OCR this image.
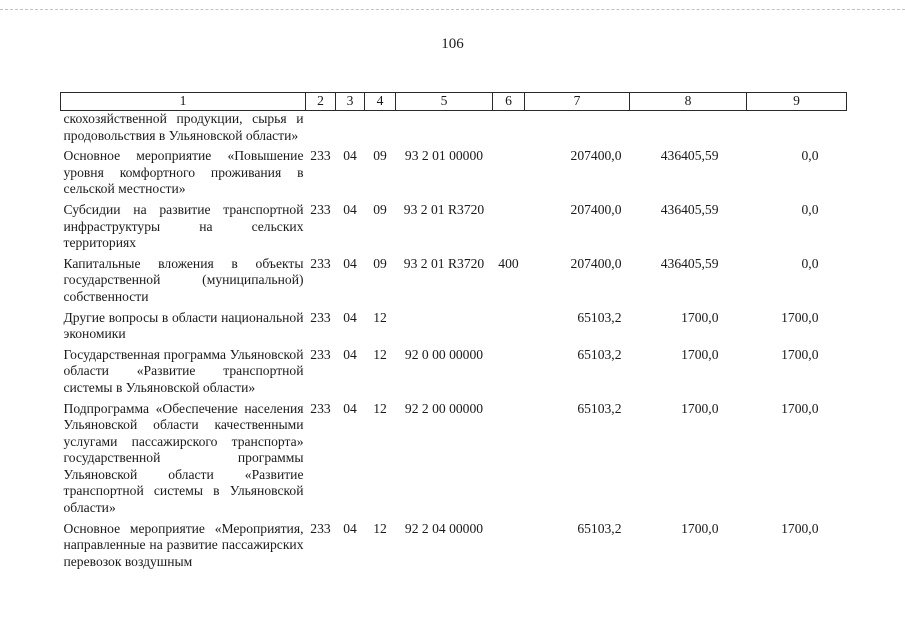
106
1	2	3	4	5	6	7	8	9
скохозяйственной продукции, сырья и продовольствия в Ульяновской области»								
Основное мероприятие «Повышение уровня комфортного проживания в сельской местности»	233	04	09	93 2 01 00000		207400,0	436405,59	0,0
Субсидии на развитие транспортной инфраструктуры на сельских территориях	233	04	09	93 2 01 R3720		207400,0	436405,59	0,0
Капитальные вложения в объекты государственной (муниципальной) собственности	233	04	09	93 2 01 R3720	400	207400,0	436405,59	0,0
Другие вопросы в области национальной экономики	233	04	12			65103,2	1700,0	1700,0
Государственная программа Ульяновской области «Развитие транспортной системы в Ульяновской области»	233	04	12	92 0 00 00000		65103,2	1700,0	1700,0
Подпрограмма «Обеспечение населения Ульяновской области качественными услугами пассажирского транспорта» государственной программы Ульяновской области «Развитие транспортной системы в Ульяновской области»	233	04	12	92 2 00 00000		65103,2	1700,0	1700,0
Основное мероприятие «Мероприятия, направленные на развитие пассажирских перевозок воздушным	233	04	12	92 2 04 00000		65103,2	1700,0	1700,0
